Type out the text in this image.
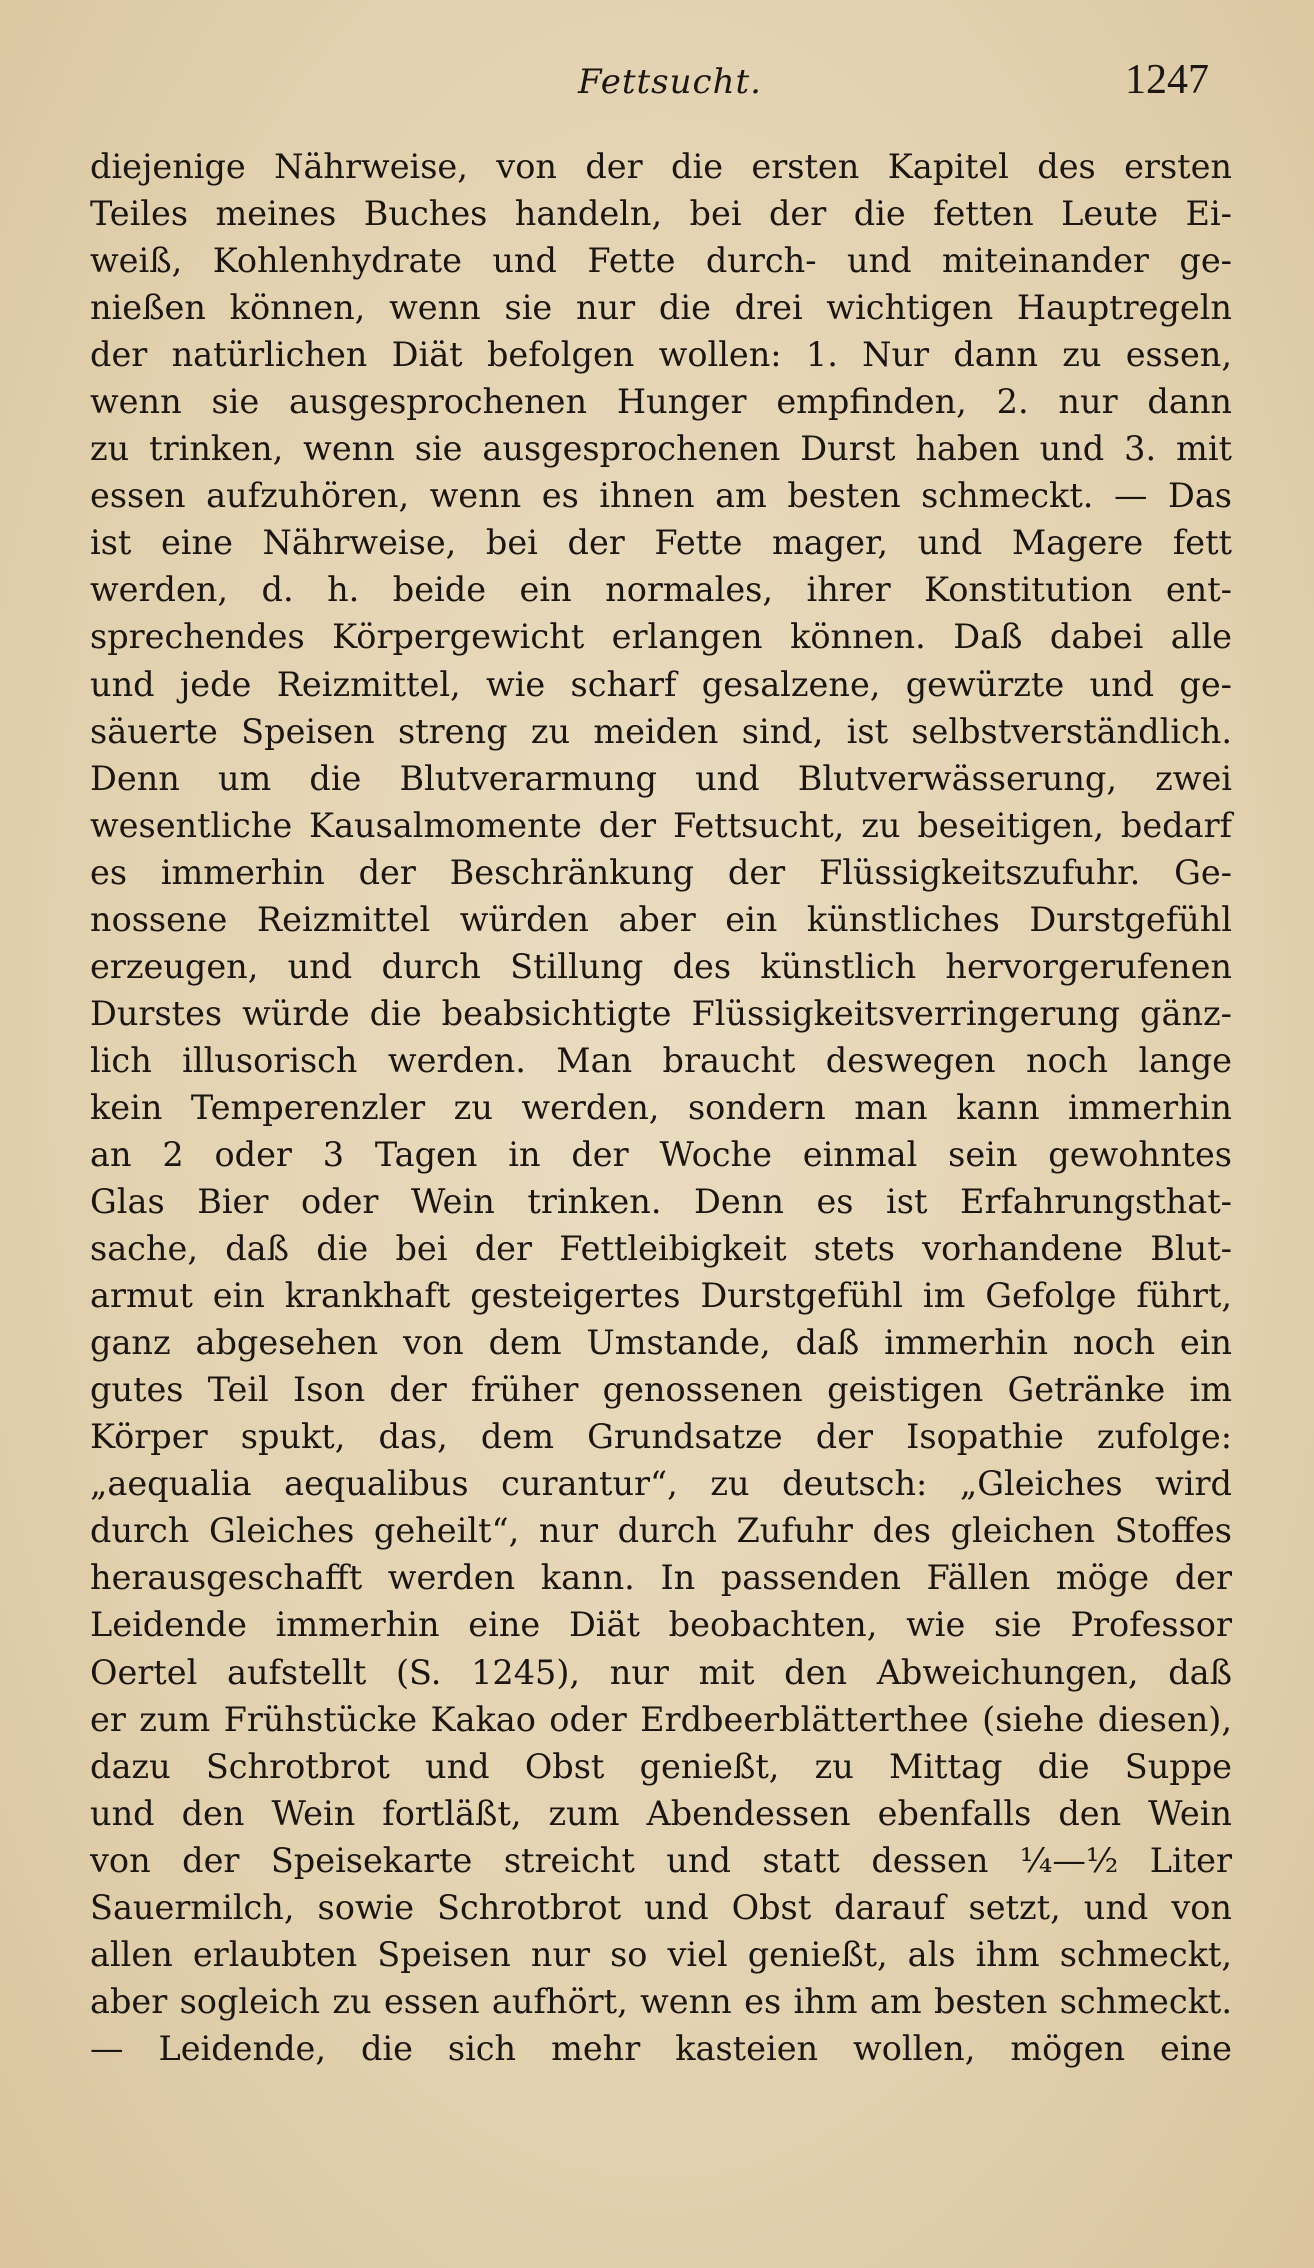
Fettsucht.	1247
diejenige Nährweise, von der die ersten Kapitel des ersten
Teiles meines Buches handeln, bei der die fetten Leute Ei-
weiß, Kohlenhydrate und Fette durch- und miteinander ge-
nießen können, wenn sie nur die drei wichtigen Hauptregeln
der natürlichen Diät befolgen wollen: 1. Nur dann zu essen,
wenn sie ausgesprochenen Hunger empfinden, 2. nur dann
zu trinken, wenn sie ausgesprochenen Durst haben und 3. mit
essen aufzuhören, wenn es ihnen am besten schmeckt. — Das
ist eine Nährweise, bei der Fette mager, und Magere fett
werden, d. h. beide ein normales, ihrer Konstitution ent-
sprechendes Körpergewicht erlangen können. Daß dabei alle
und jede Reizmittel, wie scharf gesalzene, gewürzte und ge-
säuerte Speisen streng zu meiden sind, ist selbstverständlich.
Denn um die Blutverarmung und Blutverwässerung, zwei
wesentliche Kausalmomente der Fettsucht, zu beseitigen, bedarf
es immerhin der Beschränkung der Flüssigkeitszufuhr. Ge-
nossene Reizmittel würden aber ein künstliches Durstgefühl
erzeugen, und durch Stillung des künstlich hervorgerufenen
Durstes würde die beabsichtigte Flüssigkeitsverringerung gänz-
lich illusorisch werden. Man braucht deswegen noch lange
kein Temperenzler zu werden, sondern man kann immerhin
an 2 oder 3 Tagen in der Woche einmal sein gewohntes
Glas Bier oder Wein trinken. Denn es ist Erfahrungsthat-
sache, daß die bei der Fettleibigkeit stets vorhandene Blut-
armut ein krankhaft gesteigertes Durstgefühl im Gefolge führt,
ganz abgesehen von dem Umstande, daß immerhin noch ein
gutes Teil Ison der früher genossenen geistigen Getränke im
Körper spukt, das, dem Grundsatze der Isopathie zufolge:
„aequalia aequalibus curantur“, zu deutsch: „Gleiches wird
durch Gleiches geheilt“, nur durch Zufuhr des gleichen Stoffes
herausgeschafft werden kann. In passenden Fällen möge der
Leidende immerhin eine Diät beobachten, wie sie Professor
Oertel aufstellt (S. 1245), nur mit den Abweichungen, daß
er zum Frühstücke Kakao oder Erdbeerblätterthee (siehe diesen),
dazu Schrotbrot und Obst genießt, zu Mittag die Suppe
und den Wein fortläßt, zum Abendessen ebenfalls den Wein
von der Speisekarte streicht und statt dessen ¼—½ Liter
Sauermilch, sowie Schrotbrot und Obst darauf setzt, und von
allen erlaubten Speisen nur so viel genießt, als ihm schmeckt,
aber sogleich zu essen aufhört, wenn es ihm am besten schmeckt.
— Leidende, die sich mehr kasteien wollen, mögen eine
